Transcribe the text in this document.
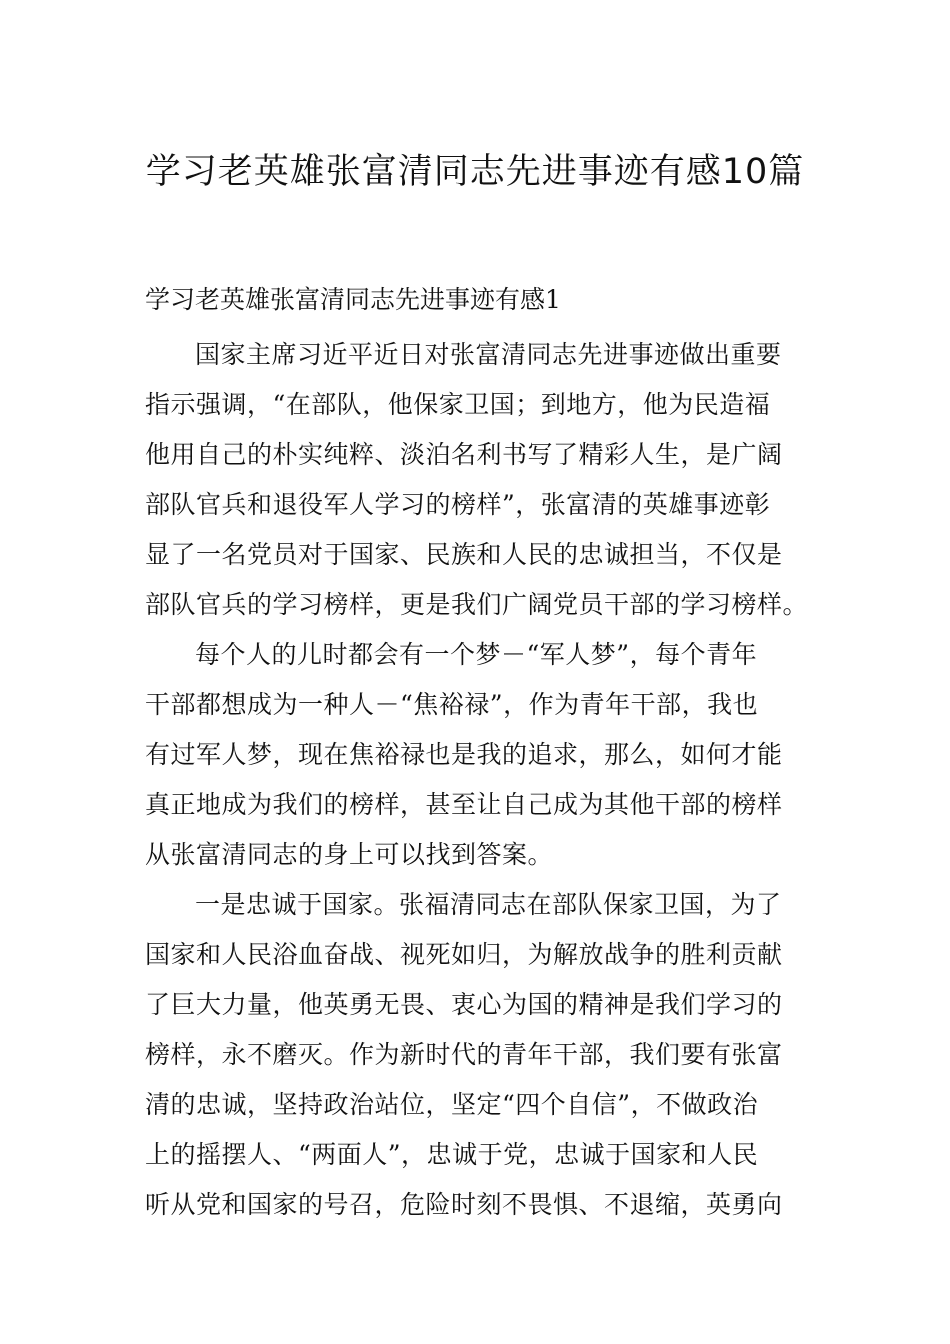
学习老英雄张富清同志先进事迹有感10篇
学习老英雄张富清同志先进事迹有感1

国家主席习近平近日对张富清同志先进事迹做出重要
指示强调，“在部队，他保家卫国；到地方，他为民造福
他用自己的朴实纯粹、淡泊名利书写了精彩人生，是广阔
部队官兵和退役军人学习的榜样”，张富清的英雄事迹彰
显了一名党员对于国家、民族和人民的忠诚担当，不仅是
部队官兵的学习榜样，更是我们广阔党员干部的学习榜样。

每个人的儿时都会有一个梦－“军人梦”，每个青年
干部都想成为一种人－“焦裕禄”，作为青年干部，我也
有过军人梦，现在焦裕禄也是我的追求，那么，如何才能
真正地成为我们的榜样，甚至让自己成为其他干部的榜样
从张富清同志的身上可以找到答案。

一是忠诚于国家。张福清同志在部队保家卫国，为了
国家和人民浴血奋战、视死如归，为解放战争的胜利贡献
了巨大力量，他英勇无畏、衷心为国的精神是我们学习的
榜样，永不磨灭。作为新时代的青年干部，我们要有张富
清的忠诚，坚持政治站位，坚定“四个自信”，不做政治
上的摇摆人、“两面人”，忠诚于党，忠诚于国家和人民
听从党和国家的号召，危险时刻不畏惧、不退缩，英勇向
